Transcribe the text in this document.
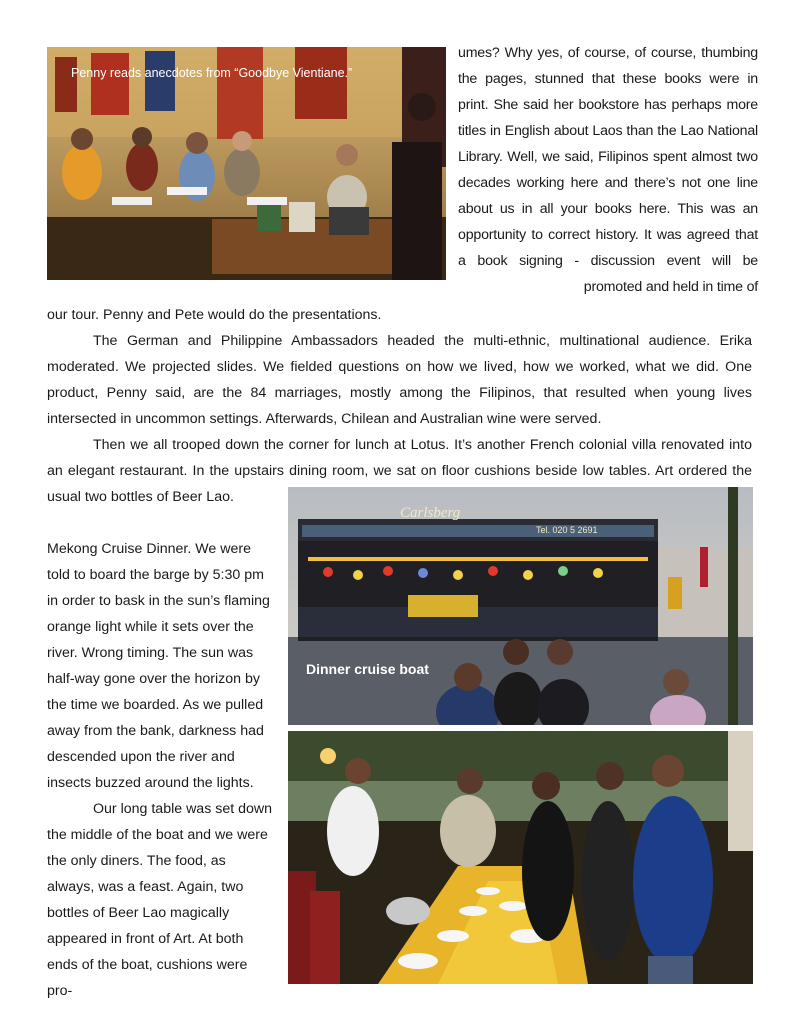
Penny reads anecdotes from “Goodbye Vientiane.”

umes? Why yes, of course, of course, thumbing the pages, stunned that these books were in print. She said her bookstore has perhaps more titles in English about Laos than the Lao National Library. Well, we said, Filipinos spent almost two decades working here and there’s not one line about us in all your books here. This was an opportunity to correct history. It was agreed that a book signing - discussion event will be promoted and held in time of

our tour. Penny and Pete would do the presentations.

The German and Philippine Ambassadors headed the multi-ethnic, multinational audience. Erika moderated. We projected slides. We fielded questions on how we lived, how we worked, what we did. One product, Penny said, are the 84 marriages, mostly among the Filipinos, that resulted when young lives intersected in uncommon settings. Afterwards, Chilean and Australian wine were served.

Then we all trooped down the corner for lunch at Lotus. It’s another French colonial villa renovated into an elegant restaurant. In the upstairs dining room, we sat on floor cushions beside low tables. Art ordered the usual two bottles of Beer Lao.

Carlsberg
Tel. 020 5 2691
Dinner cruise boat

Mekong Cruise Dinner. We were told to board the barge by 5:30 pm in order to bask in the sun’s flaming orange light while it sets over the river. Wrong timing. The sun was half-way gone over the horizon by the time we boarded. As we pulled away from the bank, darkness had descended upon the river and insects buzzed around the lights.

Our long table was set down the middle of the boat and we were the only diners. The food, as always, was a feast. Again, two bottles of Beer Lao magically appeared in front of Art. At both ends of the boat, cushions were pro-
